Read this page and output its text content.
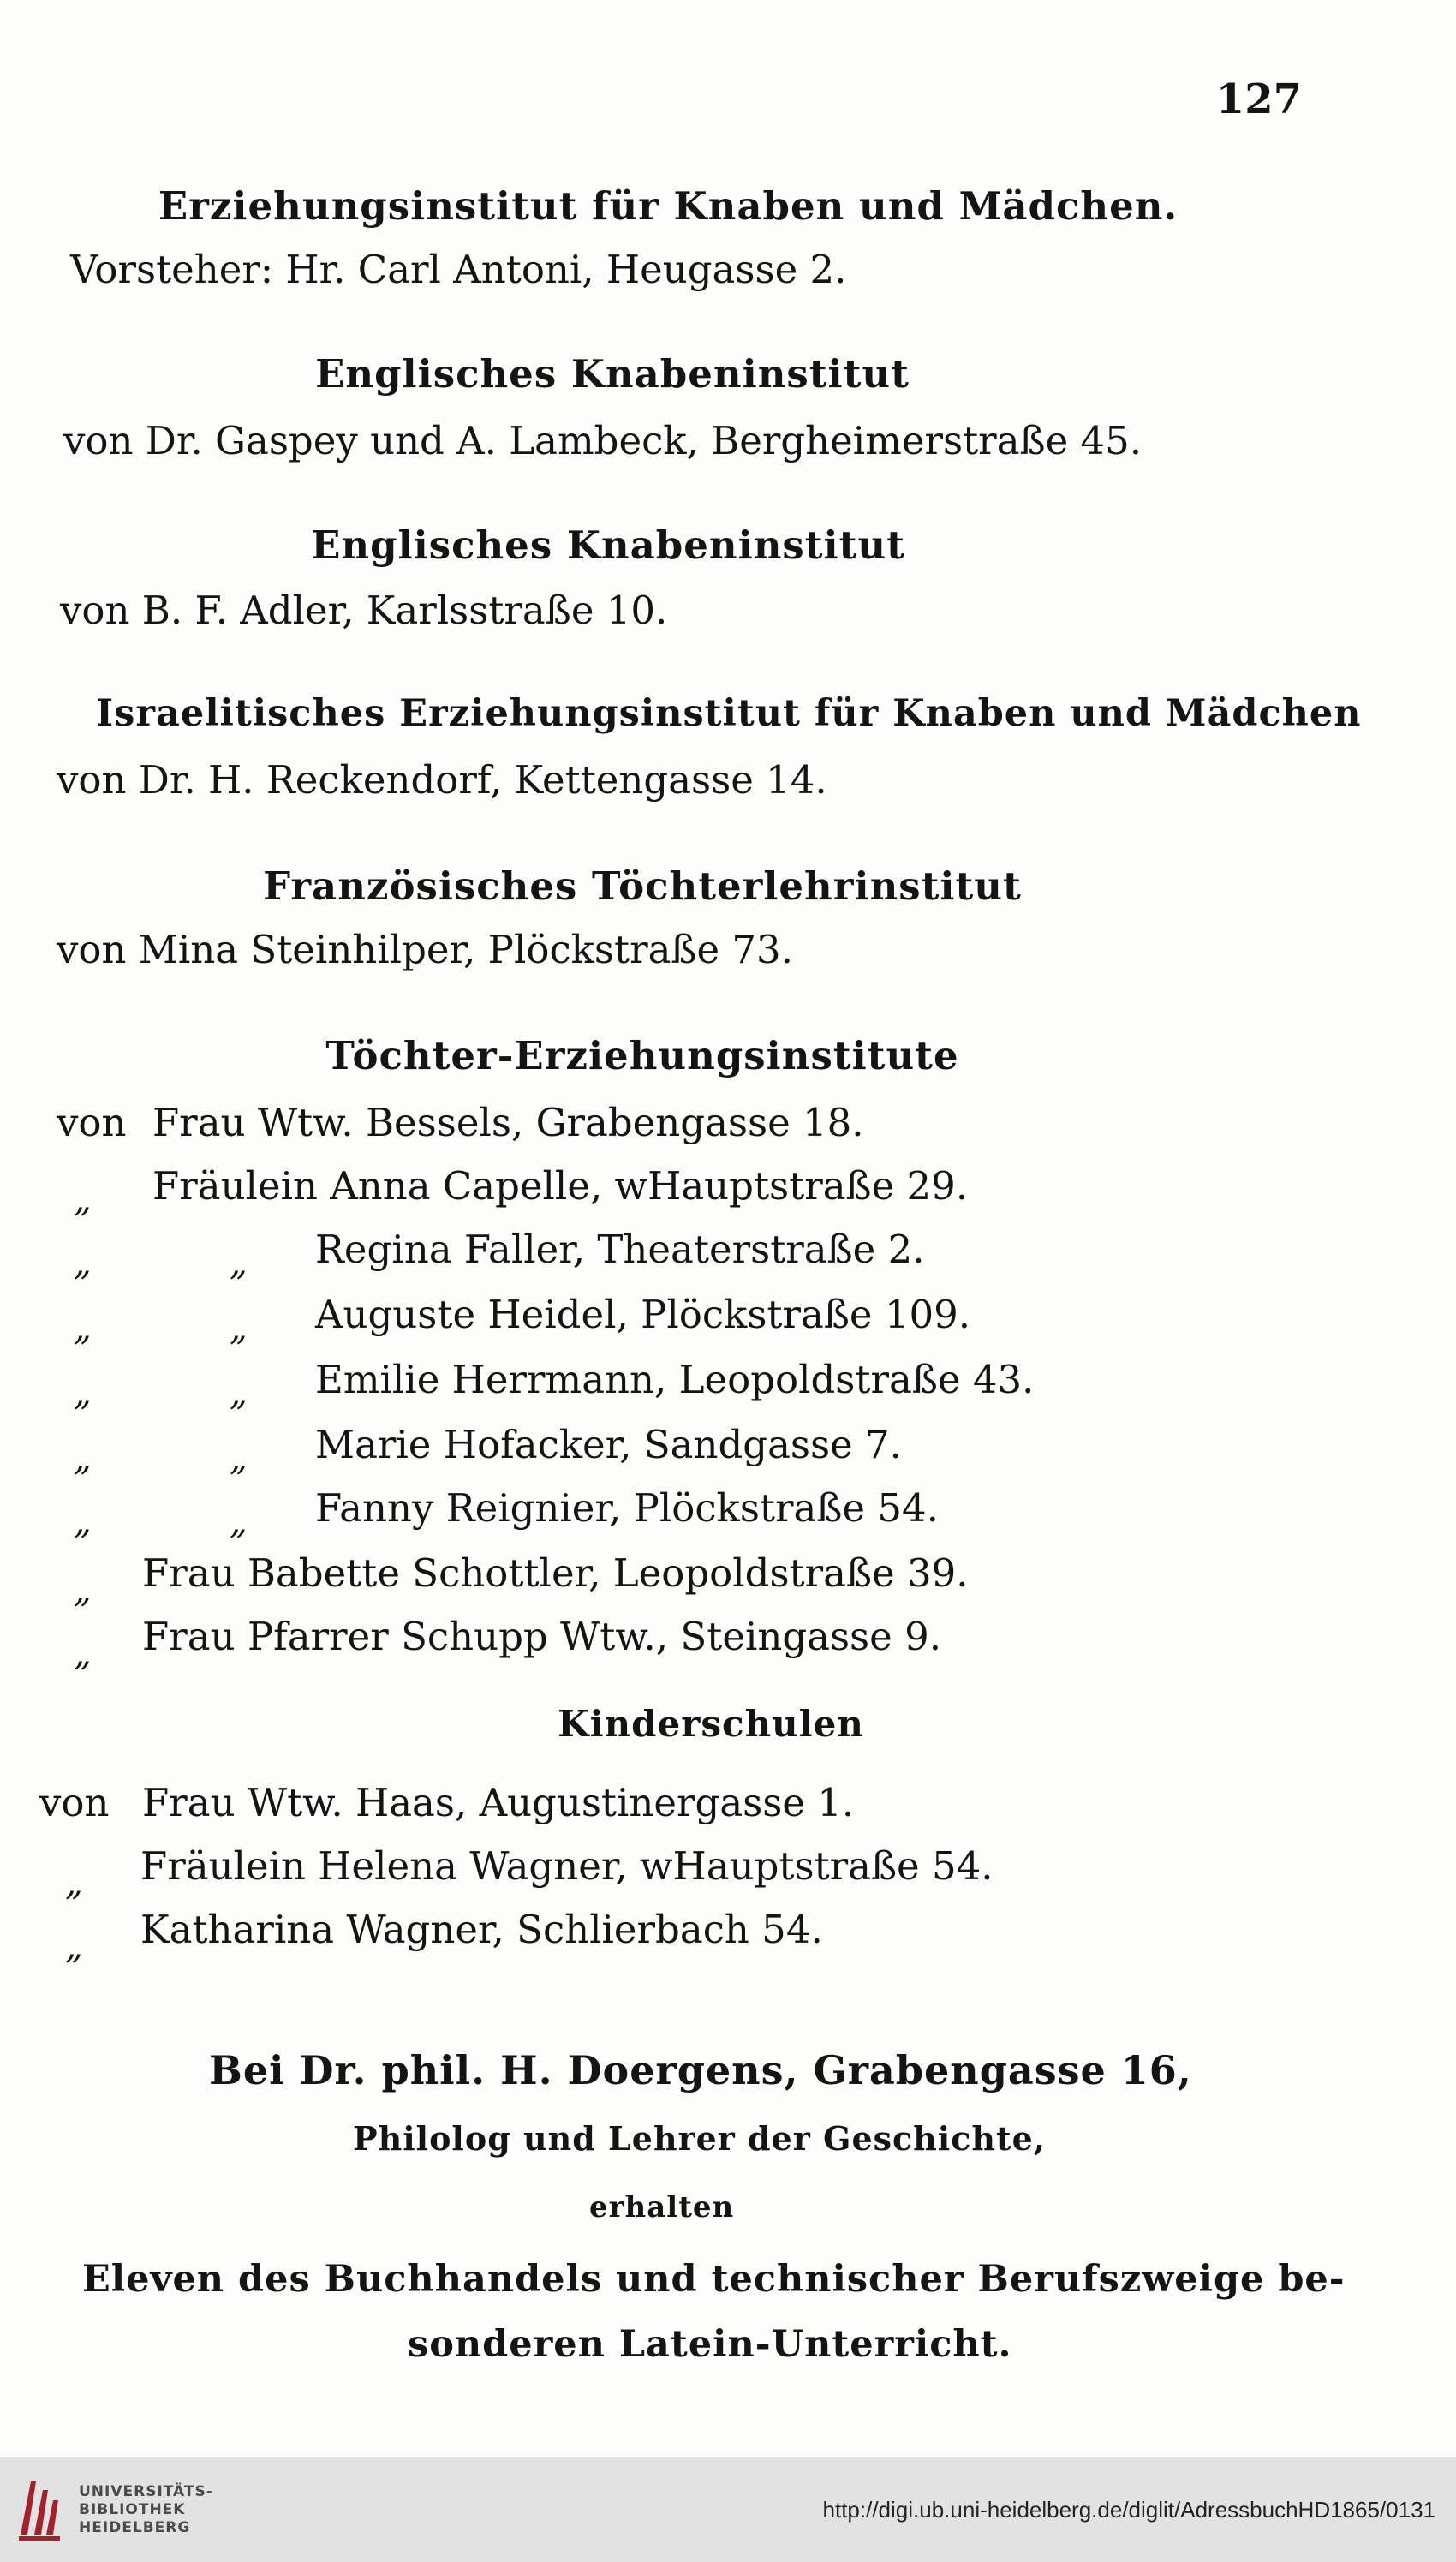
127
Erziehungsinstitut für Knaben und Mädchen.
Vorsteher: Hr. Carl Antoni, Heugasse 2.
Englisches Knabeninstitut
von Dr. Gaspey und A. Lambeck, Bergheimerstraße 45.
Englisches Knabeninstitut
von B. F. Adler, Karlsstraße 10.
Israelitisches Erziehungsinstitut für Knaben und Mädchen
von Dr. H. Reckendorf, Kettengasse 14.
Französisches Töchterlehrinstitut
von Mina Steinhilper, Plöckstraße 73.
Töchter-Erziehungsinstitute
von Frau Wtw. Bessels, Grabengasse 18.
„ Fräulein Anna Capelle, wHauptstraße 29.
„	„ Regina Faller, Theaterstraße 2.
„	„ Auguste Heidel, Plöckstraße 109.
„	„ Emilie Herrmann, Leopoldstraße 43.
„	„ Marie Hofacker, Sandgasse 7.
„	„ Fanny Reignier, Plöckstraße 54.
„ Frau Babette Schottler, Leopoldstraße 39.
„ Frau Pfarrer Schupp Wtw., Steingasse 9.
Kinderschulen
von Frau Wtw. Haas, Augustinergasse 1.
„ Fräulein Helena Wagner, wHauptstraße 54.
„ Katharina Wagner, Schlierbach 54.
Bei Dr. phil. H. Doergens, Grabengasse 16,
Philolog und Lehrer der Geschichte,
erhalten
Eleven des Buchhandels und technischer Berufszweige be-
sonderen Latein-Unterricht.
UNIVERSITÄTS-
BIBLIOTHEK
HEIDELBERG
http://digi.ub.uni-heidelberg.de/diglit/AdressbuchHD1865/0131
